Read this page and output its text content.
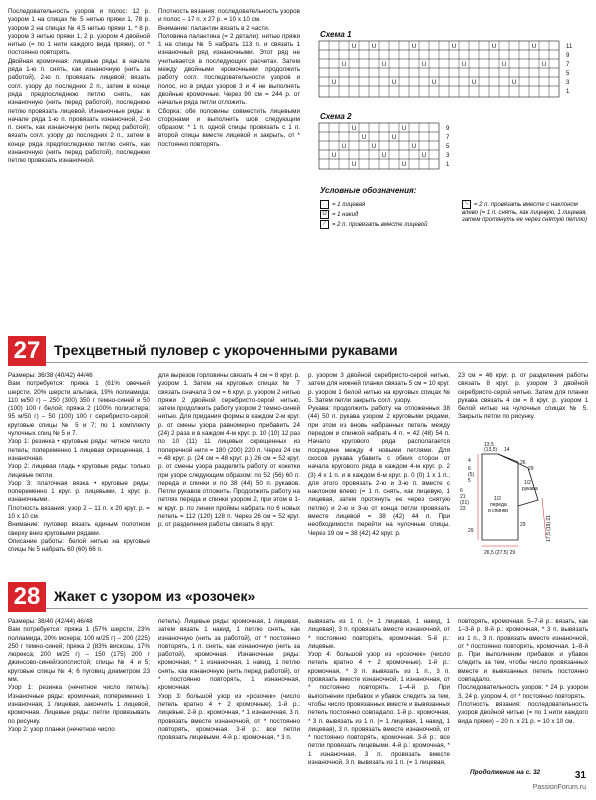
Последовательность узоров и полос: 12 р. узором 1 на спицах № 5 нитью пряжи 1, 78 р. узором 2 на спицах № 4,5 нитью пряжи 1, * 8 р. узором 3 нитью пряжи 1, 2 р. узором 4 двойной нитью (= по 1 нити каждого вида пряжи), от * постоянно повторять.
Двойная кромочная: лицевые ряды: в начале ряда 1-ю п. снять, как изнаночную (нить за работой), 2-ю п. провязать лицевой; вязать согл. узору до последних 2 п., затем в конце ряда предпоследнюю петлю снять, как изнаночную (нить перед работой), последнюю петлю провязать лицевой. Изнаночные ряды: в начале ряда 1-ю п. провязать изнаночной, 2-ю п. снять, как изнаночную (нить перед работой); вязать согл. узору до последних 2 п., затем в конце ряда предпоследнюю петлю снять, как изнаночную (нить перед работой), последнюю петлю провязать изнаночной.
Плотность вязания: последовательность узоров и полос – 17 п. х 27 р. = 10 х 10 см.
Внимание: палантин вязать в 2 части.
Половина палантина (= 2 детали): нитью пряжи 1 на спицы № 5 набрать 113 п. и связать 1 изнаночный ряд изнаночными. Этот ряд не учитывается в последующих расчетах. Затем между двойными кромочными продолжить работу согл. последовательности узоров и полос, но в рядах узоров 3 и 4 не выполнять двойные кромочные. Через 90 см = 244 р. от начальн ряда петли отложить.
Сборка: обе половины совместить лицевыми сторонами и выполнить шов следующим образом: * 1 п. одной спицы провязать с 1 п. второй спицы вместе лицевой и закрыть, от * постоянно повторять.
Схема 1
U	U	U	U	U	U
U	U	U	U	U	U
U	U	U	U	U
11
9
7
5
3
1
Схема 2
U	U
U	U
U	U	U
U	U	U
U	U
9
7
5
3
1
Условные обозначения:
= 1 лицевая
U = 1 накид
⟋ = 2 п. провязать вместе лицевой
⟍ = 2 п. провязать вместе с наклоном влево (= 1 п. снять, как лицевую, 1 лицевая, затем протянуть ее через снятую петлю)
27 Трехцветный пуловер с укороченными рукавами
Размеры: 36/38 (40/42) 44/46
Вам потребуется: пряжа 1 (61% овечьей шерсти, 20% шерсти альпака, 19% полиамида; 110 м/50 г) – 250 (300) 350 г темно-синей и 50 (100) 100 г белой; пряжа 2 (100% полиэстера; 95 м/50 г) – 50 (100) 100 г серебристо-серой; круговые спицы № 5 и 7; по 1 комплекту чулочных спиц № 5 и 7.
Узор 1: резинка • круговые ряды: четное число петель; попеременно 1 лицевая скрещенная, 1 изнаночная.
Узор 2: лицевая гладь • круговые ряды: только лицевые петли.
Узор 3: платочная вязка • круговые ряды: попеременно 1 круг. р. лицевыми, 1 круг. р. изнаночными.
Плотность вязания: узор 2 – 11 п. х 20 круг. р. = 10 х 10 см.
Внимание: пуловер вязать единым полотном сверху вниз круговыми рядами.
Описание работы: белой нитью на круговые спицы № 5 набрать 60 (60) 66 п.
для вырезов горловины связать 4 см = 8 круг. р. узором 1. Затем на круговых спицах № 7 связать сначала 3 см = 6 круг. р. узором 2 нитью пряжи 2 двойной серебристо-серой нитью, затем продолжить работу узором 2 темно-синей нитью. Для придания формы в каждом 2-м круг. р. от смены узора равномерно прибавить 24 (24) 2 раза и в каждом 4-м круг. р. 10 (10) 12 раз по 10 (11) 11 лицевых скрещенных из поперечной нити = 180 (200) 220 п. Через 24 см = 48 круг. р. (24 см = 48 круг. р.) 26 см = 52 круг. р. от смены узора разделить работу от кокетки при узоре следующим образом: по 52 (56) 60 п. переда и спинки и по 38 (44) 50 п. рукавов. Петли рукавов отложить. Продолжить работу на петлях переда и спинки узором 2, при этом в 1-м круг. р. по линии проймы набрать по 6 новых петель = 112 (120) 128 п. Через 26 см = 52 круг. р. от разделения работы связать 8 круг.
р. узором 3 двойной серебристо-серой нитью, затем для нижней планки связать 5 см = 10 круг. р. узором 1 белой нитью на круговых спицах № 5. Затем петли закрыть согл. узору.
Рукава: продолжить работу на отложенных 38 (44) 50 п. рукава узором 2 круговыми рядами, при этом из вновь набранных петель между передом и спинкой набрать 4 п. = 42 (48) 54 п. Начало кругового ряда располагается посредине между 4 новыми петлями. Для скосов рукава убавить с обеих сторон от начала кругового ряда в каждом 4-м круг. р. 2 (3) 4 х 1 п. и в каждом 6-м круг. р. 0 (0) 1 х 1 п., для этого провязать 2-ю и 3-ю п. вместе с наклоном влево (= 1 п. снять, как лицевую, 1 лицевая, затем протянуть ее через снятую петлю) и 2-ю и 3-ю от конца петли провязать вместе лицевой = 38 (42) 44 п. При необходимости перейти на чулочные спицы. Через 19 см = 38 (42) 42 круг. р.
23 см = 46 круг. р. от разделения работы связать 8 круг. р. узором 3 двойной серебристо-серой нитью. Затем для планки рукава связать 4 см = 8 круг. р. узором 1 белой нитью на чулочных спицах № 5. Закрыть петли по рисунку.
13,5
(13,5) 14
4
6
(5)
5
6
21
(21)
23
26
29
29
29
1/2
переда
и спинки
1/2
рукава
26,5 (27,5) 29
17,5 (19) 21
28 Жакет с узором из «розочек»
Размеры: 38/40 (42/44) 46/48
Вам потребуется: пряжа 1 (57% шерсти, 23% полиамида, 20% мохера; 100 м/25 г) – 200 (225) 250 г темно-синей; пряжа 2 (83% вискозы, 17% люрекса; 200 м/25 г) – 150 (175) 200 г джинсово-синей/золотистой; спицы № 4 и 5; круговые спицы № 4; 6 пуговиц диаметром 23 мм.
Узор 1: резинка (нечетное число петель): Изнаночные ряды: кромочная, попеременно 1 изнаночная, 1 лицевая, закончить 1 лицевой, кромочная. Лицевые ряды: петли провязывать по рисунку.
Узор 2: узор планки (нечетное число
петель). Лицевые ряды: кромочная, 1 лицевая, затем вязать 1 накид, 1 петлю снять, как изнаночную (нить за работой), от * постоянно повторять, 1 п. снять, как изнаночную (нить за работой), кромочная. Изнаночные ряды: кромочная, * 1 изнаночная, 1 накид, 1 петлю снять, как изнаночную (нить перед работой), от * постоянно повторять, 1 изнаночная, кромочная.
Узор 3: большой узор из «розочек» (число петель кратно 4 + 2 кромочные). 1-й р.: лицевые. 2-й р.: кромочная, * 1 изнаночная, 3 п. провязать вместе изнаночной, от * постоянно повторять, кромочная. 3-й р.: все петли провязать лицевыми. 4-й р.: кромочная, * 3 п.
вывязать из 1 п. (= 1 лицевая, 1 накид, 1 лицевая), 3 п. провязать вместе изнаночной, от * постоянно повторять, кромочная. 5-й р.: лицевые.
Узор 4: большой узор из «розочек» (число петель кратно 4 + 2 кромочные). 1-й р.: кромочная, * 3 п. вывязать из 1 п., 3 п. провязать вместе изнаночной, 1 изнаночная, от * постоянно повторять. 1–4-й р. При выполнении прибавок и убавок следить за тем, чтобы число провязанных вместе и вывязанных петель постоянно совпадало. 1-й р.: кромочная, * 3 п. вывязать из 1 п. (= 1 лицевая, 1 накид, 1 лицевая), 3 п. провязать вместе изнаночной, от * постоянно повторять, кромочная. 3-й р.: все петли провязать лицевыми. 4-й р.: кромочная, * 1 изнаночная, 3 п. провязать вместе изнаночной, 3 п. вывязать из 1 п. (= 1 лицевая,
повторять, кромочная. 5–7-й р.: вязать, как 1–3-й р. 8-й р.: кромочная, * 3 п. вывязать из 1 п., 3 п. провязать вместе изнаночной, от * постоянно повторять, кромочная. 1–8-й р. При выполнении прибавок и убавок следить за тем, чтобы число провязанных вместе и вывязанных петель постоянно совпадало.
Последовательность узоров: * 24 р. узором 3, 24 р. узором 4, от * постоянно повторять.
Плотность вязания: последовательность узоров двойной нитью (= по 1 нити каждого вида пряжи) – 20 п. х 21 р. = 10 х 10 см.
Продолжение на с. 32	31
PassionForum.ru
